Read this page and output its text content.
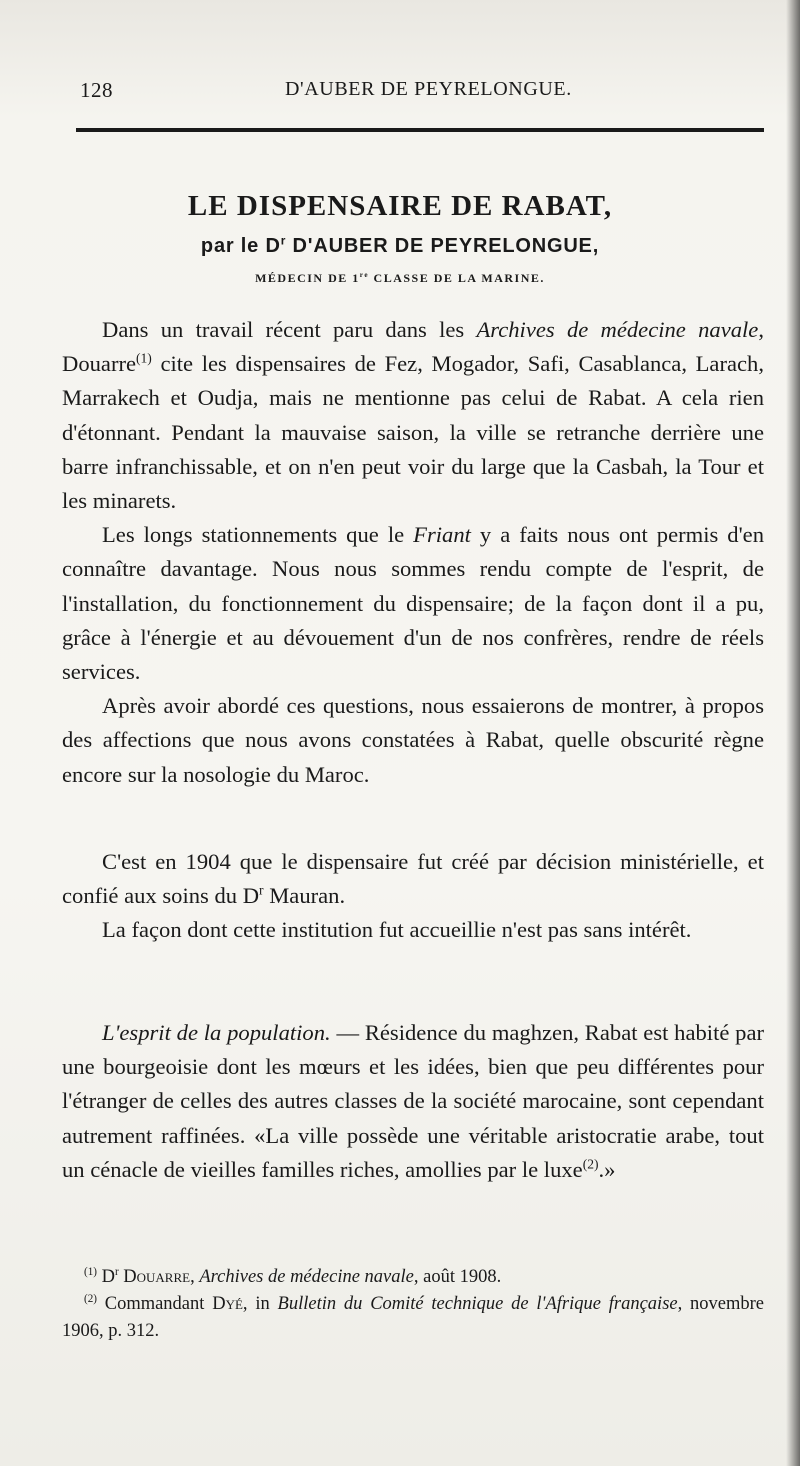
128	D'AUBER DE PEYRELONGUE.
LE DISPENSAIRE DE RABAT,
par le $D^r$ D'AUBER DE PEYRELONGUE,
MÉDECIN DE 1re CLASSE DE LA MARINE.

Dans un travail récent paru dans les Archives de médecine navale, Douarre$^{(1)}$ cite les dispensaires de Fez, Mogador, Safi, Casablanca, Larach, Marrakech et Oudja, mais ne mentionne pas celui de Rabat. A cela rien d'étonnant. Pendant la mauvaise saison, la ville se retranche derrière une barre infranchissable, et on n'en peut voir du large que la Casbah, la Tour et les minarets.

Les longs stationnements que le Friant y a faits nous ont permis d'en connaître davantage. Nous nous sommes rendu compte de l'esprit, de l'installation, du fonctionnement du dispensaire; de la façon dont il a pu, grâce à l'énergie et au dévouement d'un de nos confrères, rendre de réels services.

Après avoir abordé ces questions, nous essaierons de montrer, à propos des affections que nous avons constatées à Rabat, quelle obscurité règne encore sur la nosologie du Maroc.

C'est en 1904 que le dispensaire fut créé par décision ministérielle, et confié aux soins du $D^r$ Mauran.

La façon dont cette institution fut accueillie n'est pas sans intérêt.

L'esprit de la population. — Résidence du maghzen, Rabat est habité par une bourgeoisie dont les mœurs et les idées, bien que peu différentes pour l'étranger de celles des autres classes de la société marocaine, sont cependant autrement raffinées. «La ville possède une véritable aristocratie arabe, tout un cénacle de vieilles familles riches, amollies par le luxe$^{(2)}$.»

$^{(1)}$ $D^r$ Douarre, Archives de médecine navale, août 1908.

$^{(2)}$ Commandant Dyé, in Bulletin du Comité technique de l'Afrique française, novembre 1906, p. 312.
